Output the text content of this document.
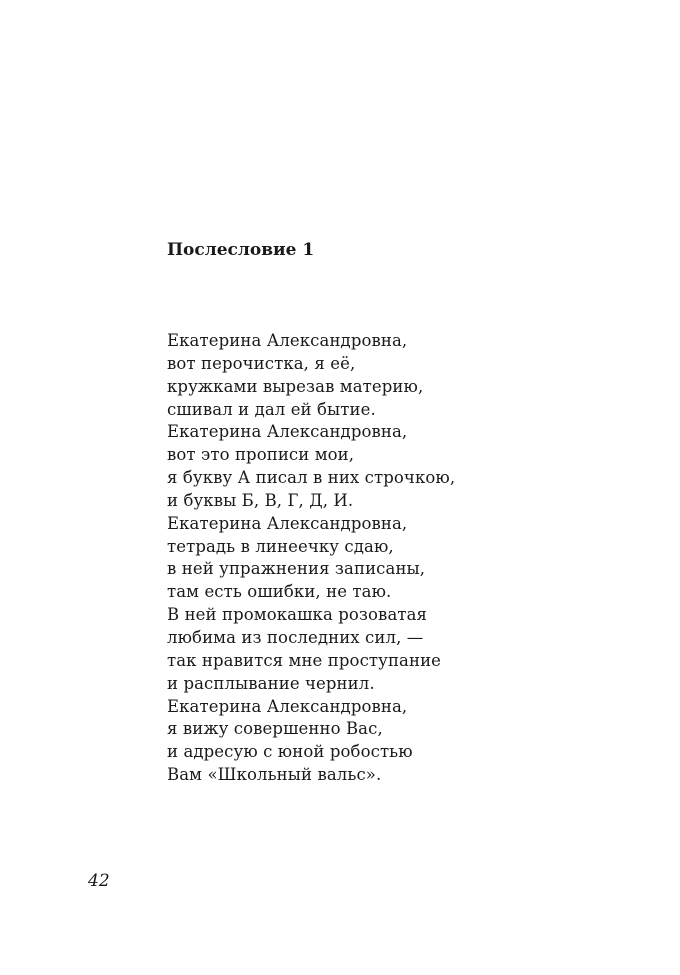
Послесловие 1
Екатерина Александровна,
вот перочистка, я её,
кружками вырезав материю,
сшивал и дал ей бытие.
Екатерина Александровна,
вот это прописи мои,
я букву А писал в них строчкою,
и буквы Б, В, Г, Д, И.
Екатерина Александровна,
тетрадь в линеечку сдаю,
в ней упражнения записаны,
там есть ошибки, не таю.
В ней промокашка розоватая
любима из последних сил, —
так нравится мне проступание
и расплывание чернил.
Екатерина Александровна,
я вижу совершенно Вас,
и адресую с юной робостью
Вам «Школьный вальс».
42
